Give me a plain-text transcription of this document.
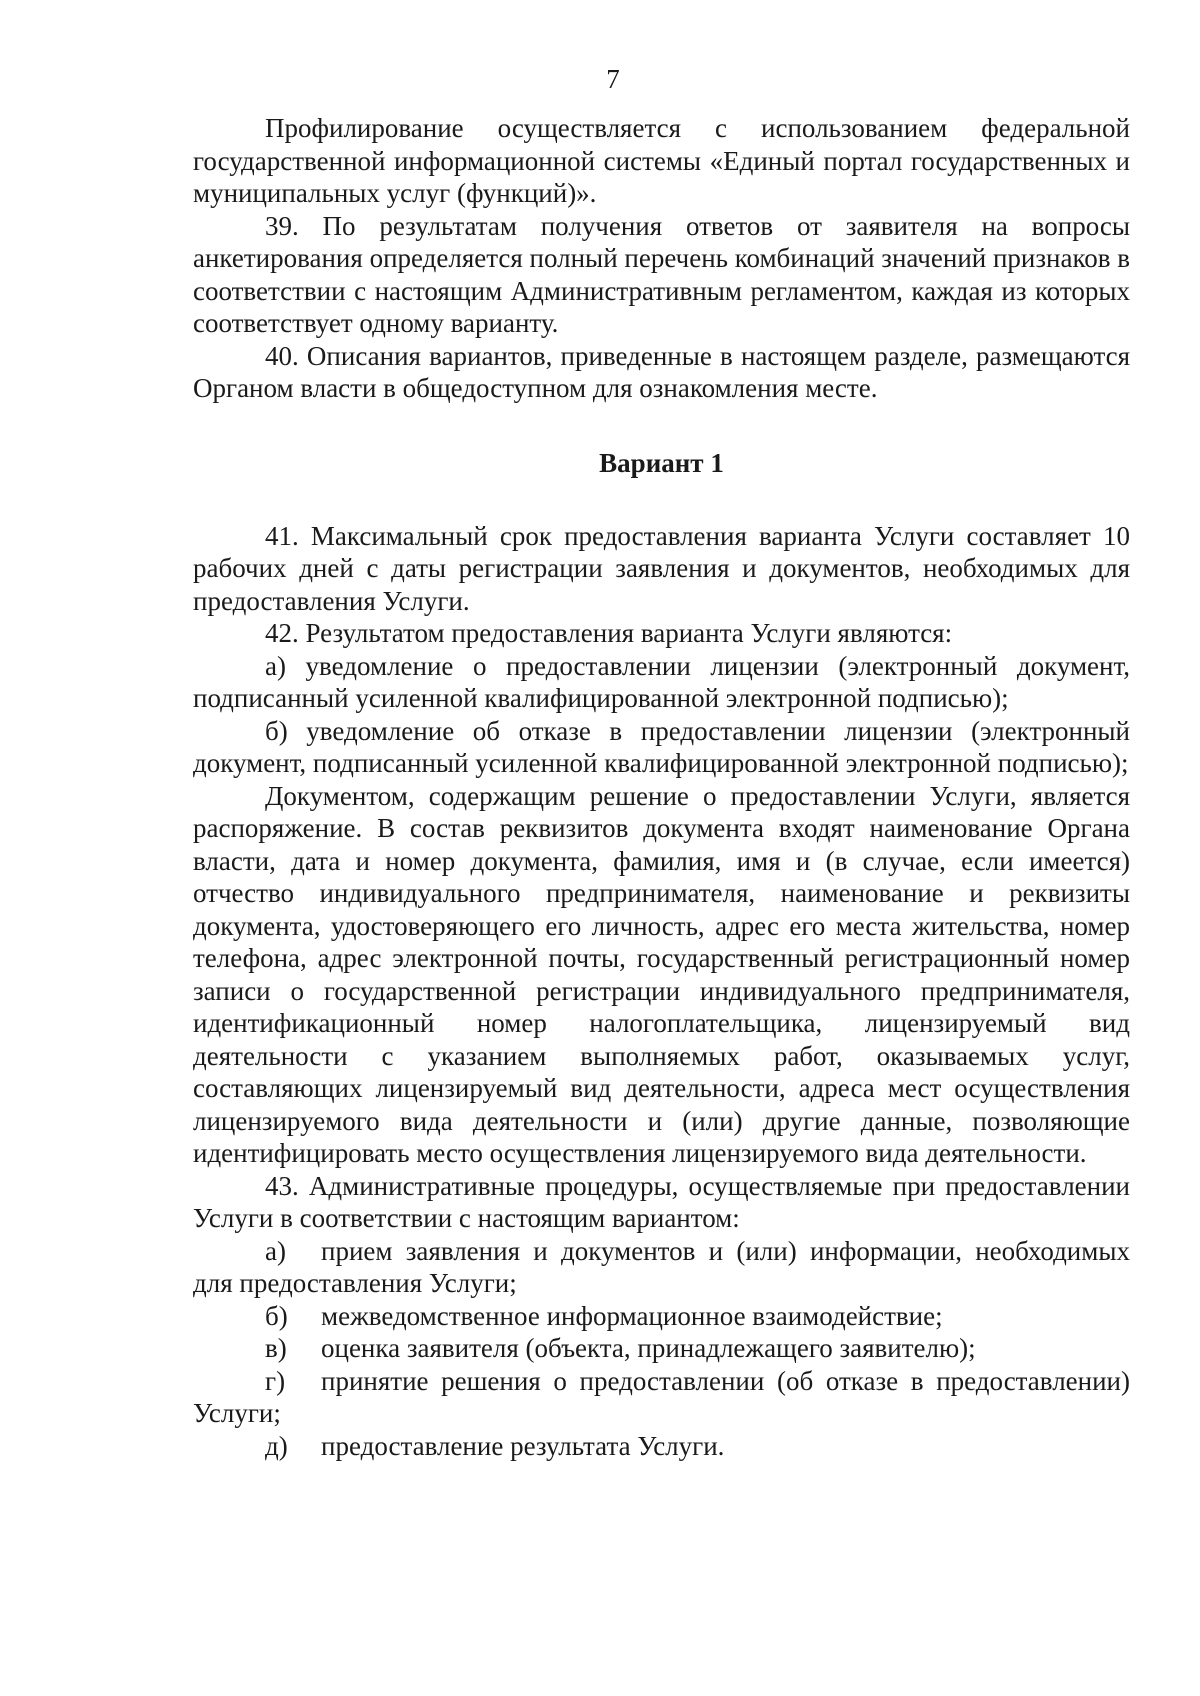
7

Профилирование осуществляется с использованием федеральной государственной информационной системы «Единый портал государственных и муниципальных услуг (функций)».

39. По результатам получения ответов от заявителя на вопросы анкетирования определяется полный перечень комбинаций значений признаков в соответствии с настоящим Административным регламентом, каждая из которых соответствует одному варианту.

40. Описания вариантов, приведенные в настоящем разделе, размещаются Органом власти в общедоступном для ознакомления месте.

Вариант 1

41. Максимальный срок предоставления варианта Услуги составляет 10 рабочих дней с даты регистрации заявления и документов, необходимых для предоставления Услуги.

42. Результатом предоставления варианта Услуги являются:

а) уведомление о предоставлении лицензии (электронный документ, подписанный усиленной квалифицированной электронной подписью);

б) уведомление об отказе в предоставлении лицензии (электронный документ, подписанный усиленной квалифицированной электронной подписью);

Документом, содержащим решение о предоставлении Услуги, является распоряжение. В состав реквизитов документа входят наименование Органа власти, дата и номер документа, фамилия, имя и (в случае, если имеется) отчество индивидуального предпринимателя, наименование и реквизиты документа, удостоверяющего его личность, адрес его места жительства, номер телефона, адрес электронной почты, государственный регистрационный номер записи о государственной регистрации индивидуального предпринимателя, идентификационный номер налогоплательщика, лицензируемый вид деятельности с указанием выполняемых работ, оказываемых услуг, составляющих лицензируемый вид деятельности, адреса мест осуществления лицензируемого вида деятельности и (или) другие данные, позволяющие идентифицировать место осуществления лицензируемого вида деятельности.

43. Административные процедуры, осуществляемые при предоставлении Услуги в соответствии с настоящим вариантом:

а) прием заявления и документов и (или) информации, необходимых для предоставления Услуги;

б) межведомственное информационное взаимодействие;

в) оценка заявителя (объекта, принадлежащего заявителю);

г) принятие решения о предоставлении (об отказе в предоставлении) Услуги;

д) предоставление результата Услуги.
